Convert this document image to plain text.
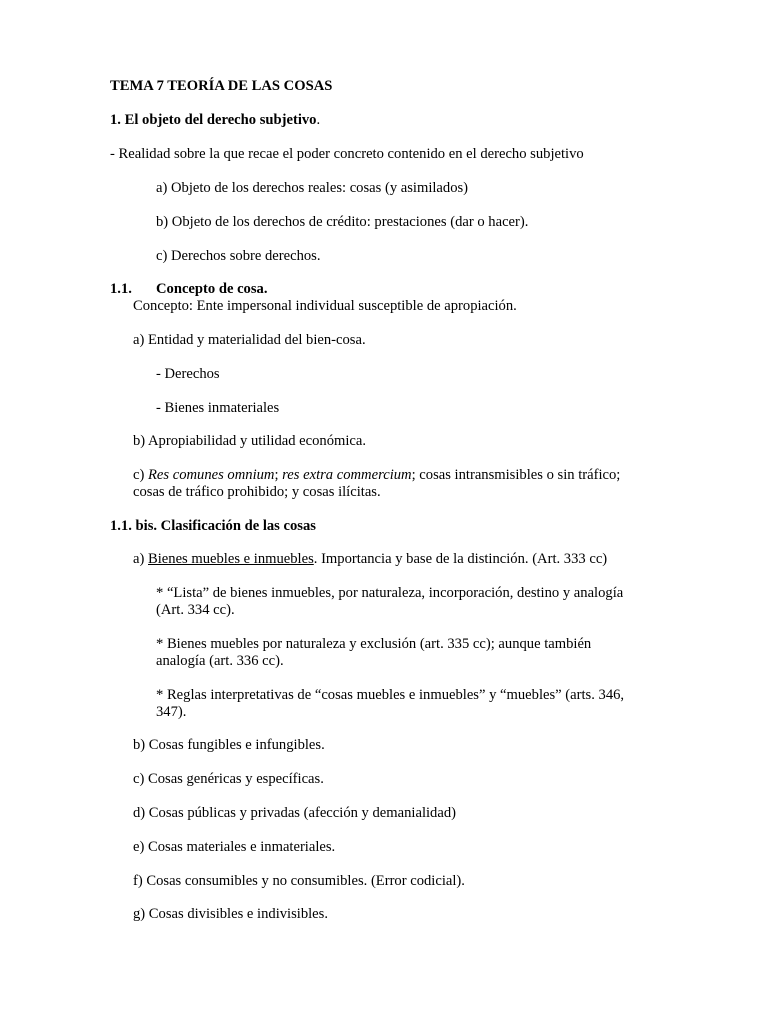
TEMA 7 TEORÍA DE LAS COSAS

1. El objeto del derecho subjetivo.

- Realidad sobre la que recae el poder concreto contenido en el derecho subjetivo

a) Objeto de los derechos reales: cosas (y asimilados)

b) Objeto de los derechos de crédito: prestaciones (dar o hacer).

c) Derechos sobre derechos.

1.1. Concepto de cosa.

Concepto: Ente impersonal individual susceptible de apropiación.

a) Entidad y materialidad del bien-cosa.

- Derechos

- Bienes inmateriales

b) Apropiabilidad y utilidad económica.

c) Res comunes omnium; res extra commercium; cosas intransmisibles o sin tráfico;

cosas de tráfico prohibido; y cosas ilícitas.

1.1. bis. Clasificación de las cosas

a) Bienes muebles e inmuebles. Importancia y base de la distinción. (Art. 333 cc)

* “Lista” de bienes inmuebles, por naturaleza, incorporación, destino y analogía

(Art. 334 cc).

* Bienes muebles por naturaleza y exclusión (art. 335 cc); aunque también

analogía (art. 336 cc).

* Reglas interpretativas de “cosas muebles e inmuebles” y “muebles” (arts. 346,

347).

b) Cosas fungibles e infungibles.

c) Cosas genéricas y específicas.

d) Cosas públicas y privadas (afección y demanialidad)

e) Cosas materiales e inmateriales.

f) Cosas consumibles y no consumibles. (Error codicial).

g) Cosas divisibles e indivisibles.
